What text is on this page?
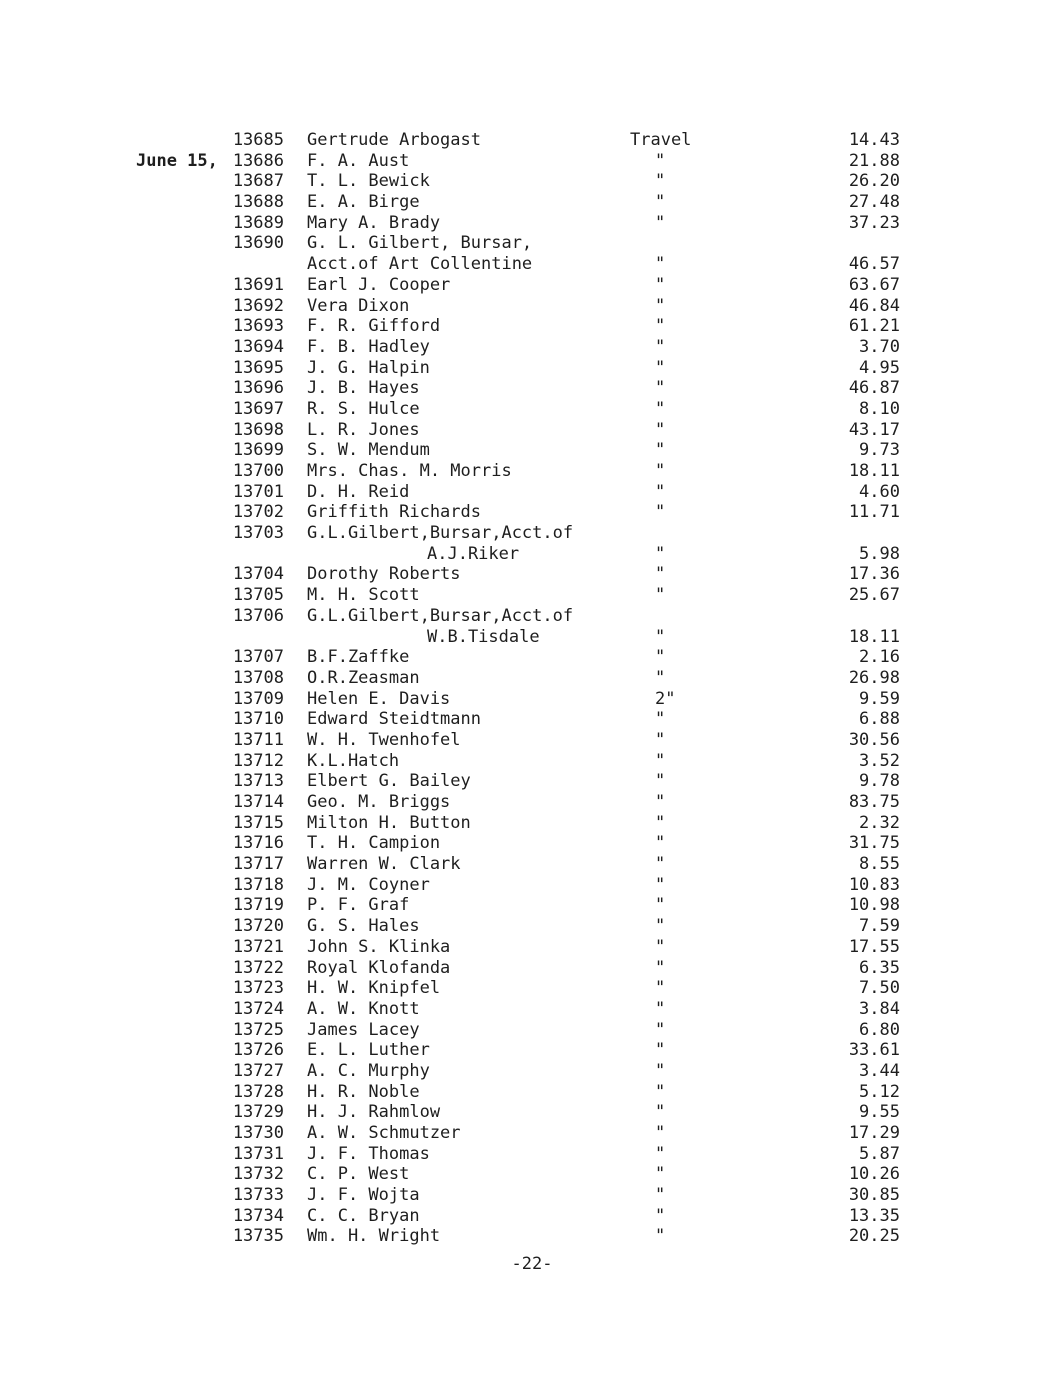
June 15,

13685 Gertrude Arbogast	Travel	14.43
13686 F. A. Aust	"	21.88
13687 T. L. Bewick	"	26.20
13688 E. A. Birge	"	27.48
13689 Mary A. Brady	"	37.23
13690 G. L. Gilbert, Bursar,
Acct.of Art Collentine	"	46.57
13691 Earl J. Cooper	"	63.67
13692 Vera Dixon	"	46.84
13693 F. R. Gifford	"	61.21
13694 F. B. Hadley	"	3.70
13695 J. G. Halpin	"	4.95
13696 J. B. Hayes	"	46.87
13697 R. S. Hulce	"	8.10
13698 L. R. Jones	"	43.17
13699 S. W. Mendum	"	9.73
13700 Mrs. Chas. M. Morris	"	18.11
13701 D. H. Reid	"	4.60
13702 Griffith Richards	"	11.71
13703 G.L.Gilbert,Bursar,Acct.of
A.J.Riker	"	5.98
13704 Dorothy Roberts	"	17.36
13705 M. H. Scott	"	25.67
13706 G.L.Gilbert,Bursar,Acct.of
W.B.Tisdale	"	18.11
13707 B.F.Zaffke	"	2.16
13708 O.R.Zeasman	"	26.98
13709 Helen E. Davis	2"	9.59
13710 Edward Steidtmann	"	6.88
13711 W. H. Twenhofel	"	30.56
13712 K.L.Hatch	"	3.52
13713 Elbert G. Bailey	"	9.78
13714 Geo. M. Briggs	"	83.75
13715 Milton H. Button	"	2.32
13716 T. H. Campion	"	31.75
13717 Warren W. Clark	"	8.55
13718 J. M. Coyner	"	10.83
13719 P. F. Graf	"	10.98
13720 G. S. Hales	"	7.59
13721 John S. Klinka	"	17.55
13722 Royal Klofanda	"	6.35
13723 H. W. Knipfel	"	7.50
13724 A. W. Knott	"	3.84
13725 James Lacey	"	6.80
13726 E. L. Luther	"	33.61
13727 A. C. Murphy	"	3.44
13728 H. R. Noble	"	5.12
13729 H. J. Rahmlow	"	9.55
13730 A. W. Schmutzer	"	17.29
13731 J. F. Thomas	"	5.87
13732 C. P. West	"	10.26
13733 J. F. Wojta	"	30.85
13734 C. C. Bryan	"	13.35
13735 Wm. H. Wright	"	20.25
-22-
